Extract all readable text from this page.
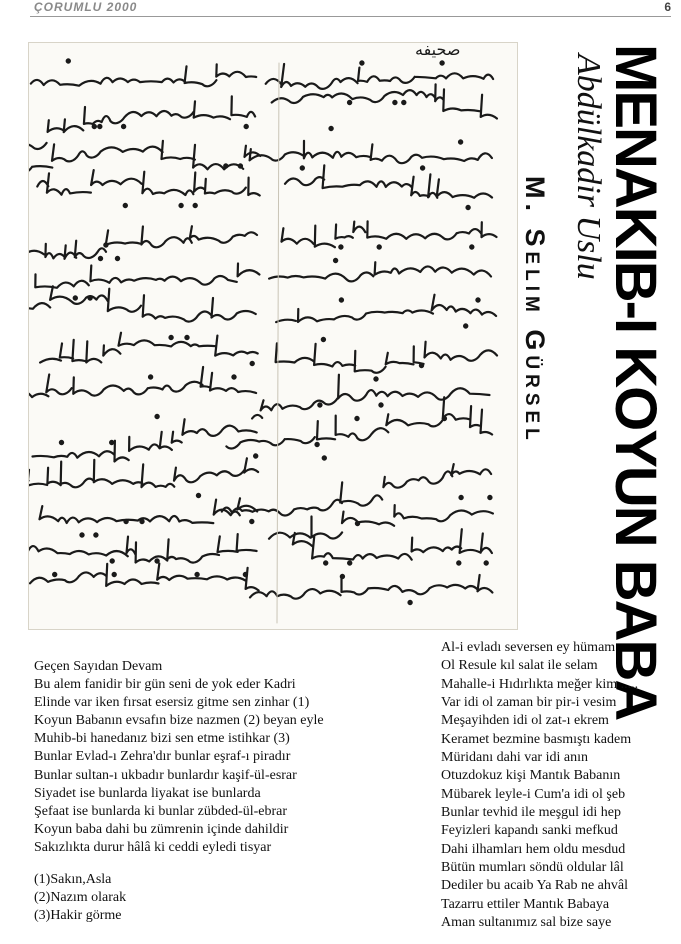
ÇORUMLU 2000	6
صحيفه MENAKIB-I KOYUN BABA
Abdülkadir Uslu
M. Selim Gürsel
Geçen Sayıdan Devam
Bu alem fanidir bir gün seni de yok eder Kadri
Elinde var iken fırsat esersiz gitme sen zinhar (1)
Koyun Babanın evsafın bize nazmen (2) beyan eyle
Muhib-bi hanedanız bizi sen etme istihkar (3)
Bunlar Evlad-ı Zehra'dır bunlar eşraf-ı piradır
Bunlar sultan-ı ukbadır bunlardır kaşif-ül-esrar
Siyadet ise bunlarda liyakat ise bunlarda
Şefaat ise bunlarda ki bunlar zübded-ül-ebrar
Koyun baba dahi bu zümrenin içinde dahildir
Sakızlıkta durur hâlâ ki ceddi eyledi tisyar
(1)Sakın,Asla
(2)Nazım olarak
(3)Hakir görme
Al-i evladı seversen ey hümam
Ol Resule kıl salat ile selam
Mahalle-i Hıdırlıkta meğer kim .....
Var idi ol zaman bir pir-i vesim
Meşayihden idi ol zat-ı ekrem
Keramet bezmine basmıştı kadem
Müridanı dahi var idi anın
Otuzdokuz kişi Mantık Babanın
Mübarek leyle-i Cum'a idi ol şeb
Bunlar tevhid ile meşgul idi hep
Feyizleri kapandı sanki mefkud
Dahi ilhamları hem oldu mesdud
Bütün mumları söndü oldular lâl
Dediler bu acaib Ya Rab ne ahvâl
Tazarru ettiler Mantık Babaya
Aman sultanımız sal bize saye
